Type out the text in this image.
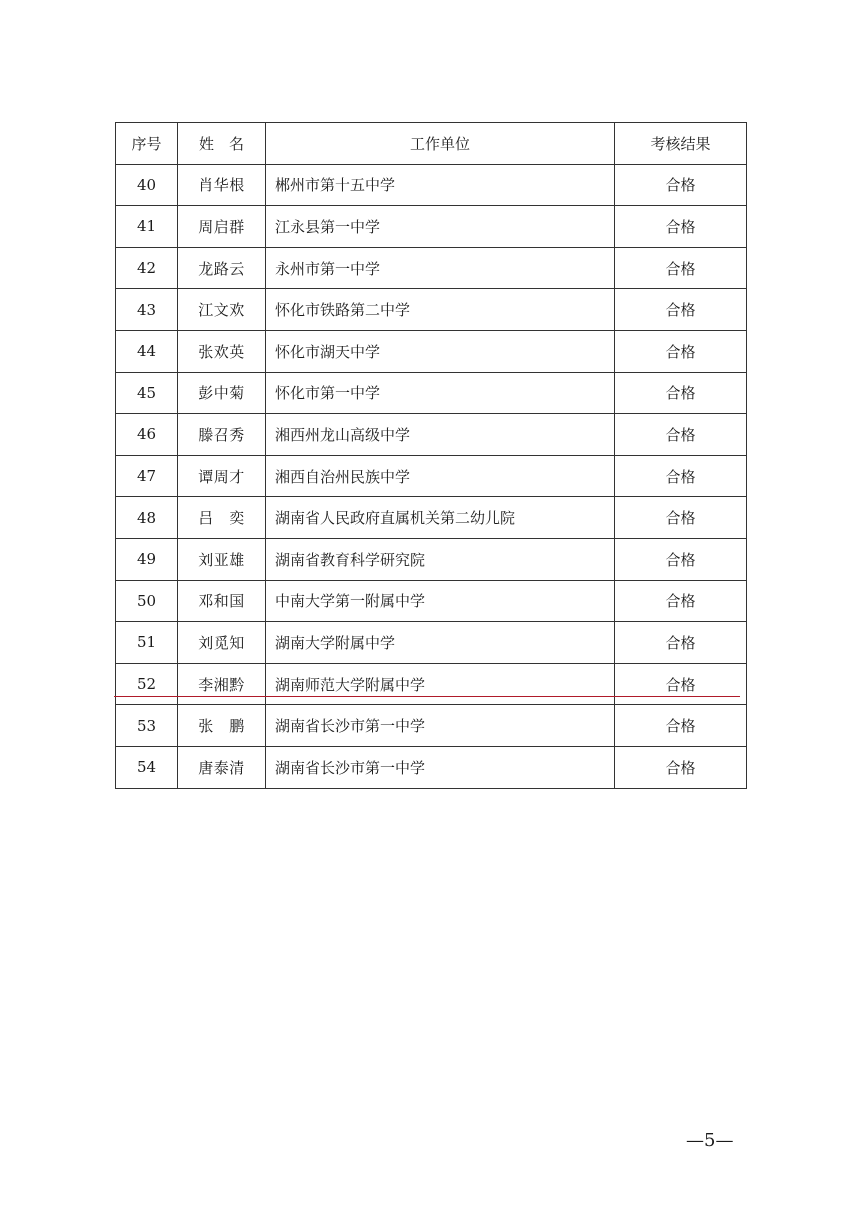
序号	姓　名	工作单位	考核结果
40	肖华根	郴州市第十五中学	合格
41	周启群	江永县第一中学	合格
42	龙路云	永州市第一中学	合格
43	江文欢	怀化市铁路第二中学	合格
44	张欢英	怀化市湖天中学	合格
45	彭中菊	怀化市第一中学	合格
46	滕召秀	湘西州龙山高级中学	合格
47	谭周才	湘西自治州民族中学	合格
48	吕　奕	湖南省人民政府直属机关第二幼儿院	合格
49	刘亚雄	湖南省教育科学研究院	合格
50	邓和国	中南大学第一附属中学	合格
51	刘觅知	湖南大学附属中学	合格
52	李湘黔	湖南师范大学附属中学	合格
53	张　鹏	湖南省长沙市第一中学	合格
54	唐泰清	湖南省长沙市第一中学	合格
—5—
